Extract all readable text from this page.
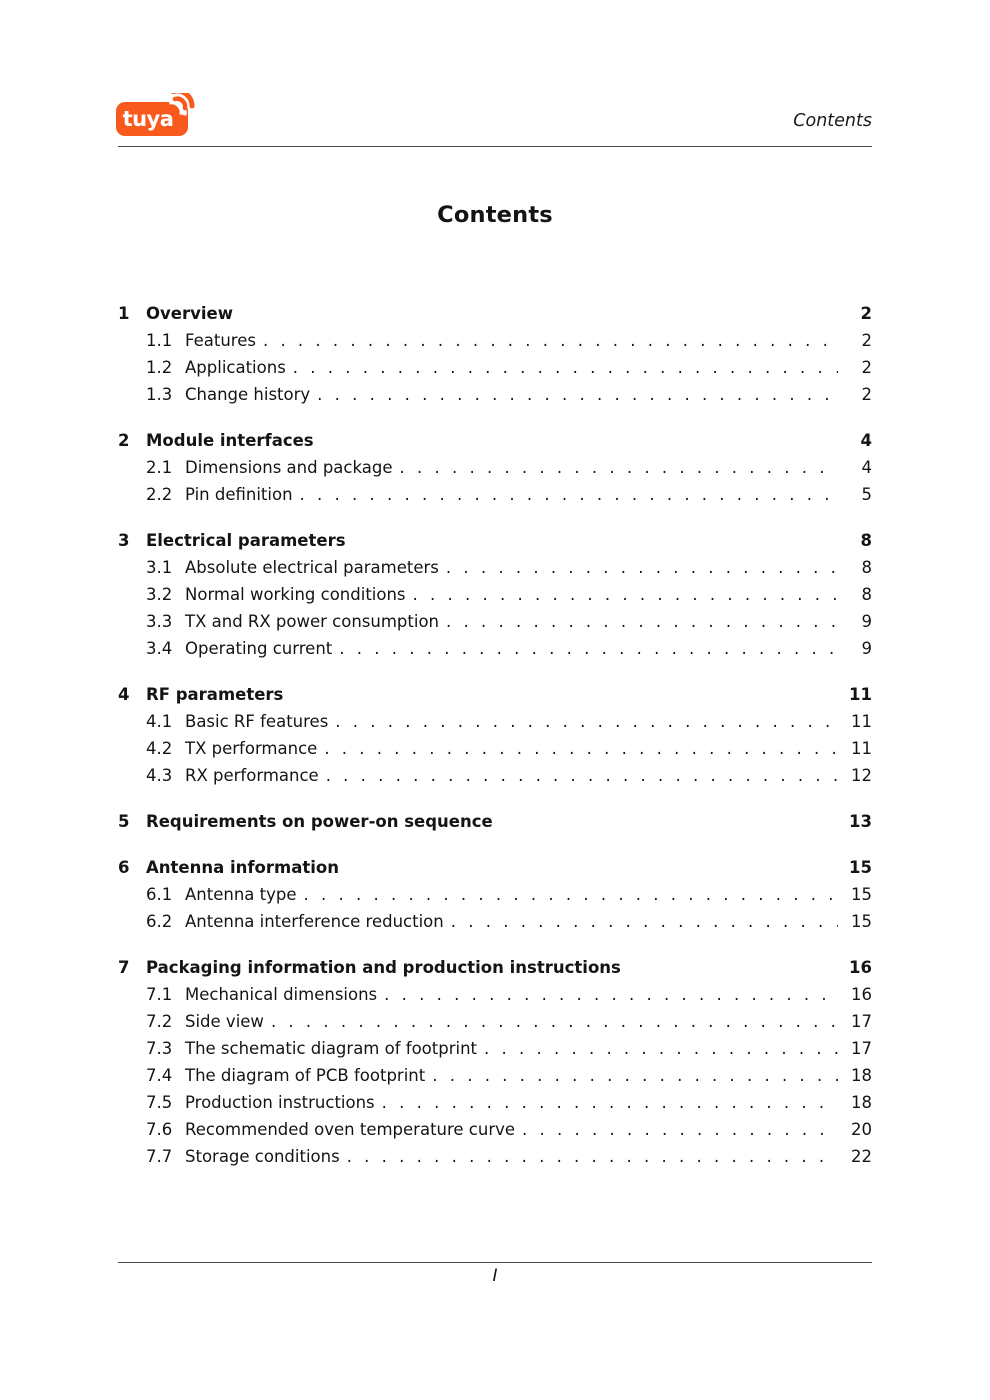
tuya	Contents
Contents
1	Overview	2
1.1 Features . . .	2
1.2 Applications . . .	2
1.3 Change history . . .	2
2	Module interfaces	4
2.1 Dimensions and package . . .	4
2.2 Pin definition . . .	5
3	Electrical parameters	8
3.1 Absolute electrical parameters . . .	8
3.2 Normal working conditions . . .	8
3.3 TX and RX power consumption . . .	9
3.4 Operating current . . .	9
4	RF parameters	11
4.1 Basic RF features . . .	11
4.2 TX performance . . .	11
4.3 RX performance . . .	12
5	Requirements on power-on sequence	13
6	Antenna information	15
6.1 Antenna type . . .	15
6.2 Antenna interference reduction . . .	15
7	Packaging information and production instructions	16
7.1 Mechanical dimensions . . .	16
7.2 Side view . . .	17
7.3 The schematic diagram of footprint . . .	17
7.4 The diagram of PCB footprint . . .	18
7.5 Production instructions . . .	18
7.6 Recommended oven temperature curve . . .	20
7.7 Storage conditions . . .	22
I
